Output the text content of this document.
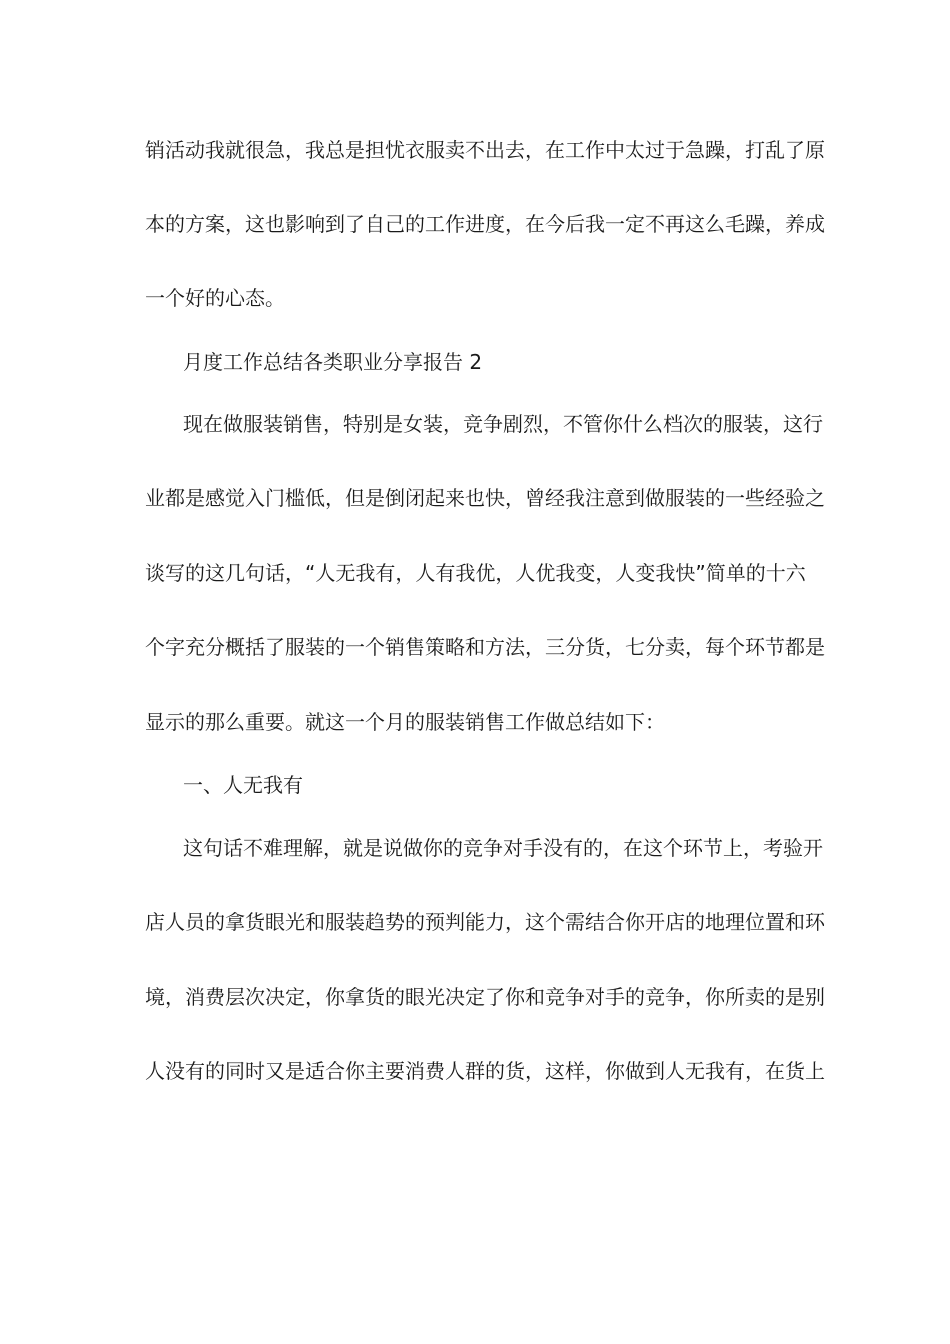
销活动我就很急，我总是担忧衣服卖不出去，在工作中太过于急躁，打乱了原
本的方案，这也影响到了自己的工作进度，在今后我一定不再这么毛躁，养成
一个好的心态。
月度工作总结各类职业分享报告 2
现在做服装销售，特别是女装，竞争剧烈，不管你什么档次的服装，这行
业都是感觉入门槛低，但是倒闭起来也快，曾经我注意到做服装的一些经验之
谈写的这几句话，“人无我有，人有我优，人优我变，人变我快”简单的十六
个字充分概括了服装的一个销售策略和方法，三分货，七分卖，每个环节都是
显示的那么重要。就这一个月的服装销售工作做总结如下：
一、人无我有
这句话不难理解，就是说做你的竞争对手没有的，在这个环节上，考验开
店人员的拿货眼光和服装趋势的预判能力，这个需结合你开店的地理位置和环
境，消费层次决定，你拿货的眼光决定了你和竞争对手的竞争，你所卖的是别
人没有的同时又是适合你主要消费人群的货，这样，你做到人无我有，在货上
